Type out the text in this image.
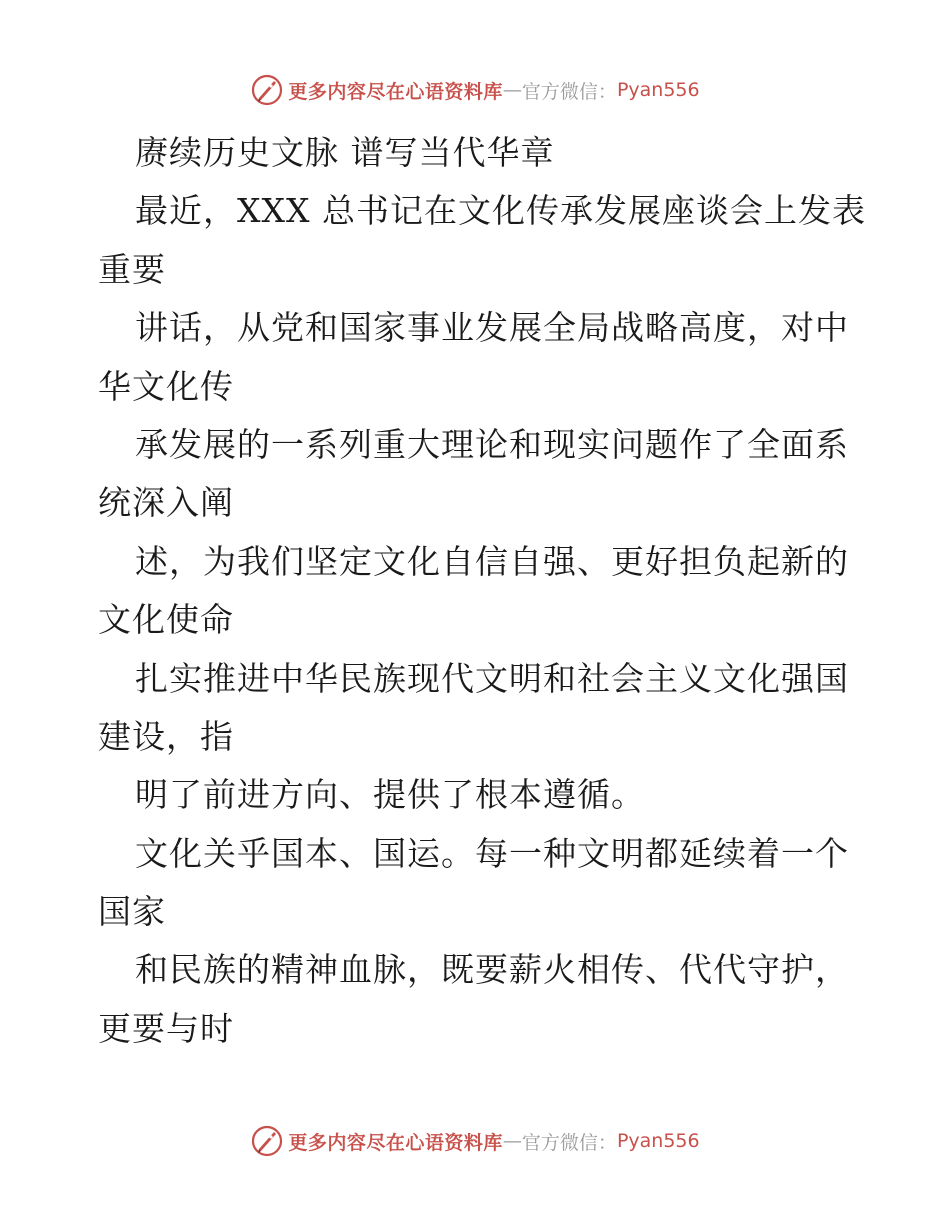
更多内容尽在心语资料库 — 官方微信： Pyan556
赓续历史文脉 谱写当代华章
最近，XXX 总书记在文化传承发展座谈会上发表
重要
讲话，从党和国家事业发展全局战略高度，对中
华文化传
承发展的一系列重大理论和现实问题作了全面系
统深入阐
述，为我们坚定文化自信自强、更好担负起新的
文化使命
扎实推进中华民族现代文明和社会主义文化强国
建设，指
明了前进方向、提供了根本遵循。
文化关乎国本、国运。每一种文明都延续着一个
国家
和民族的精神血脉，既要薪火相传、代代守护，
更要与时
更多内容尽在心语资料库 — 官方微信： Pyan556
